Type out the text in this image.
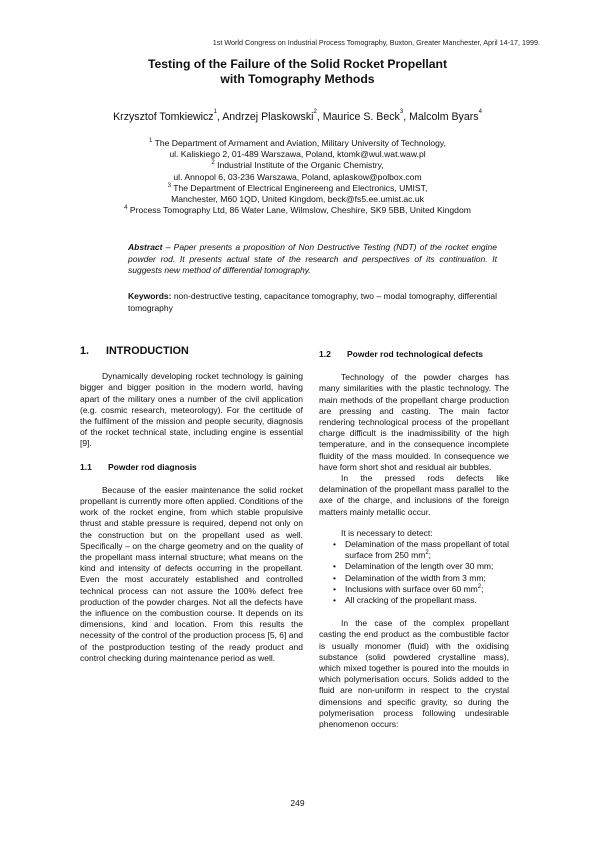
1st World Congress on Industrial Process Tomography, Buxton, Greater Manchester, April 14-17, 1999.
Testing of the Failure of the Solid Rocket Propellant
with Tomography Methods
Krzysztof Tomkiewicz$^1$, Andrzej Plaskowski$^2$, Maurice S. Beck$^3$, Malcolm Byars$^4$
$^1$ The Department of Armament and Aviation, Military University of Technology,
ul. Kaliskiego 2, 01-489 Warszawa, Poland, ktomk@wul.wat.waw.pl
$^2$ Industrial Institute of the Organic Chemistry,
ul. Annopol 6, 03-236 Warszawa, Poland, aplaskow@polbox.com
$^3$ The Department of Electrical Enginereeng and Electronics, UMIST,
Manchester, M60 1QD, United Kingdom, beck@fs5.ee.umist.ac.uk
$^4$ Process Tomography Ltd, 86 Water Lane, Wilmslow, Cheshire, SK9 5BB, United Kingdom
Abstract – Paper presents a proposition of Non Destructive Testing (NDT) of the rocket engine powder rod. It presents actual state of the research and perspectives of its continuation. It suggests new method of differential tomography.
Keywords: non-destructive testing, capacitance tomography, two – modal tomography, differential tomography
1. INTRODUCTION

Dynamically developing rocket technology is gaining bigger and bigger position in the modern world, having apart of the military ones a number of the civil application (e.g. cosmic research, meteorology). For the certitude of the fulfilment of the mission and people security, diagnosis of the rocket technical state, including engine is essential [9].

1.1 Powder rod diagnosis

Because of the easier maintenance the solid rocket propellant is currently more often applied. Conditions of the work of the rocket engine, from which stable propulsive thrust and stable pressure is required, depend not only on the construction but on the propellant used as well. Specifically – on the charge geometry and on the quality of the propellant mass internal structure; what means on the kind and intensity of defects occurring in the propellant. Even the most accurately established and controlled technical process can not assure the 100% defect free production of the powder charges. Not all the defects have the influence on the combustion course. It depends on its dimensions, kind and location. From this results the necessity of the control of the production process [5, 6] and of the postproduction testing of the ready product and control checking during maintenance period as well.

1.2 Powder rod technological defects

Technology of the powder charges has many similarities with the plastic technology. The main methods of the propellant charge production are pressing and casting. The main factor rendering technological process of the propellant charge difficult is the inadmissibility of the high temperature, and in the consequence incomplete fluidity of the mass moulded. In consequence we have form short shot and residual air bubbles.

In the pressed rods defects like delamination of the propellant mass parallel to the axe of the charge, and inclusions of the foreign matters mainly metallic occur.

It is necessary to detect:

• Delamination of the mass propellant of total surface from 250 $mm^2$;
• Delamination of the length over 30 mm;
• Delamination of the width from 3 mm;
• Inclusions with surface over 60 $mm^2$;
• All cracking of the propellant mass.

In the case of the complex propellant casting the end product as the combustible factor is usually monomer (fluid) with the oxidising substance (solid powdered crystalline mass), which mixed together is poured into the moulds in which polymerisation occurs. Solids added to the fluid are non-uniform in respect to the crystal dimensions and specific gravity, so during the polymerisation process following undesirable phenomenon occurs:

249
